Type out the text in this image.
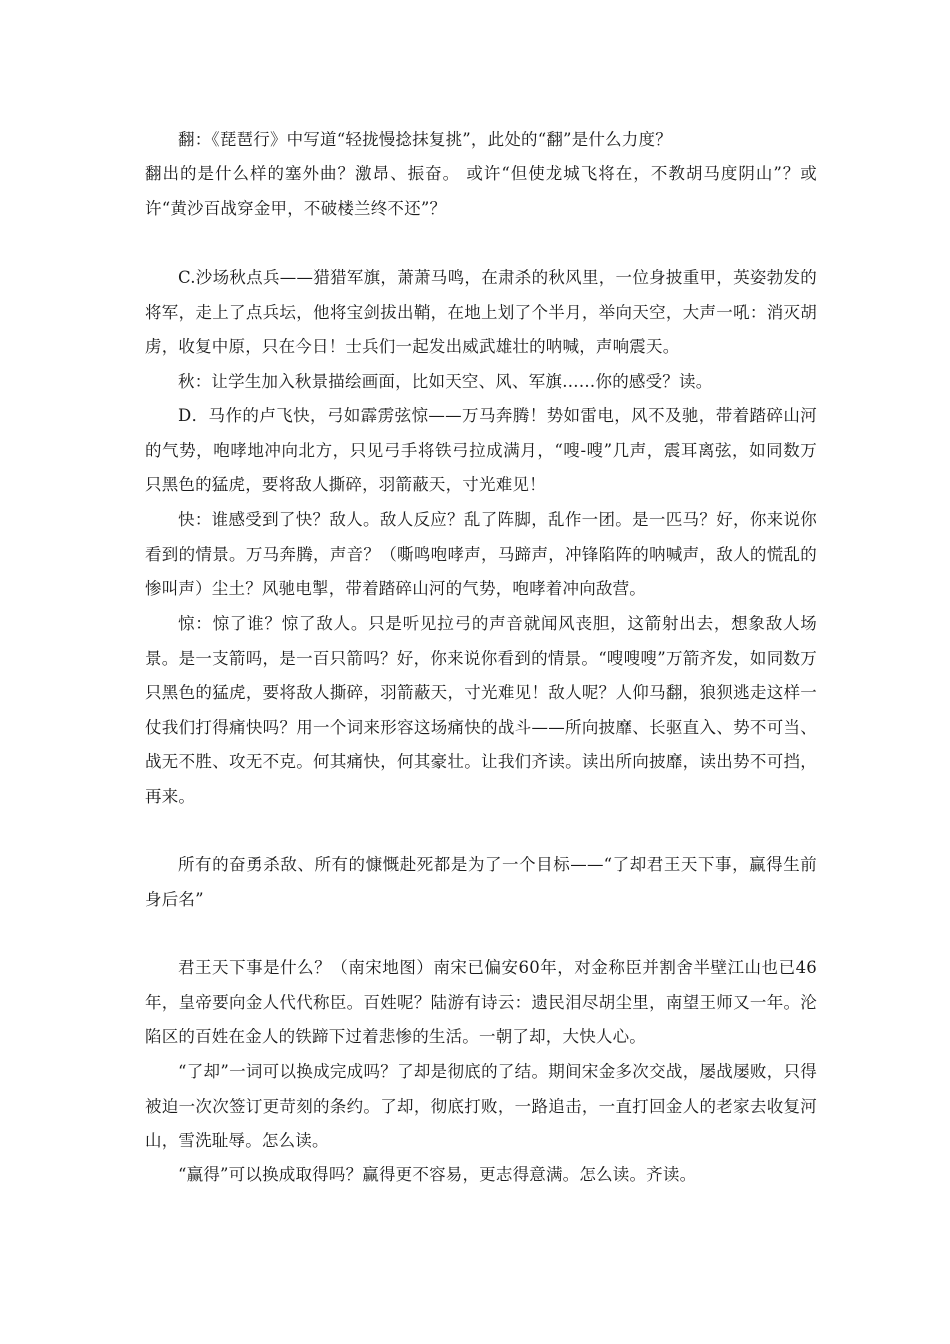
翻：《琵琶行》中写道“轻拢慢捻抹复挑”，此处的“翻”是什么力度？

翻出的是什么样的塞外曲？激昂、振奋。 或许“但使龙城飞将在，不教胡马度阴山”？或许“黄沙百战穿金甲，不破楼兰终不还”？

C.沙场秋点兵——猎猎军旗，萧萧马鸣，在肃杀的秋风里，一位身披重甲，英姿勃发的将军，走上了点兵坛，他将宝剑拔出鞘，在地上划了个半月，举向天空，大声一吼：消灭胡虏，收复中原，只在今日！士兵们一起发出威武雄壮的呐喊，声响震天。

秋：让学生加入秋景描绘画面，比如天空、风、军旗……你的感受？读。

D．马作的卢飞快，弓如霹雳弦惊——万马奔腾！势如雷电，风不及驰，带着踏碎山河的气势，咆哮地冲向北方，只见弓手将铁弓拉成满月，“嗖-嗖”几声，震耳离弦，如同数万只黑色的猛虎，要将敌人撕碎，羽箭蔽天，寸光难见！

快：谁感受到了快？敌人。敌人反应？乱了阵脚，乱作一团。是一匹马？好，你来说你看到的情景。万马奔腾，声音？（嘶鸣咆哮声，马蹄声，冲锋陷阵的呐喊声，敌人的慌乱的惨叫声）尘土？风驰电掣，带着踏碎山河的气势，咆哮着冲向敌营。

惊：惊了谁？惊了敌人。只是听见拉弓的声音就闻风丧胆，这箭射出去，想象敌人场景。是一支箭吗，是一百只箭吗？好，你来说你看到的情景。“嗖嗖嗖”万箭齐发，如同数万只黑色的猛虎，要将敌人撕碎，羽箭蔽天，寸光难见！敌人呢？人仰马翻，狼狈逃走这样一仗我们打得痛快吗？用一个词来形容这场痛快的战斗——所向披靡、长驱直入、势不可当、战无不胜、攻无不克。何其痛快，何其豪壮。让我们齐读。读出所向披靡，读出势不可挡，再来。

所有的奋勇杀敌、所有的慷慨赴死都是为了一个目标——“了却君王天下事，赢得生前身后名”

君王天下事是什么？（南宋地图）南宋已偏安60年，对金称臣并割舍半壁江山也已46年，皇帝要向金人代代称臣。百姓呢？陆游有诗云：遗民泪尽胡尘里，南望王师又一年。沦陷区的百姓在金人的铁蹄下过着悲惨的生活。一朝了却，大快人心。

“了却”一词可以换成完成吗？了却是彻底的了结。期间宋金多次交战，屡战屡败，只得被迫一次次签订更苛刻的条约。了却，彻底打败，一路追击，一直打回金人的老家去收复河山，雪洗耻辱。怎么读。

“赢得”可以换成取得吗？赢得更不容易，更志得意满。怎么读。齐读。
